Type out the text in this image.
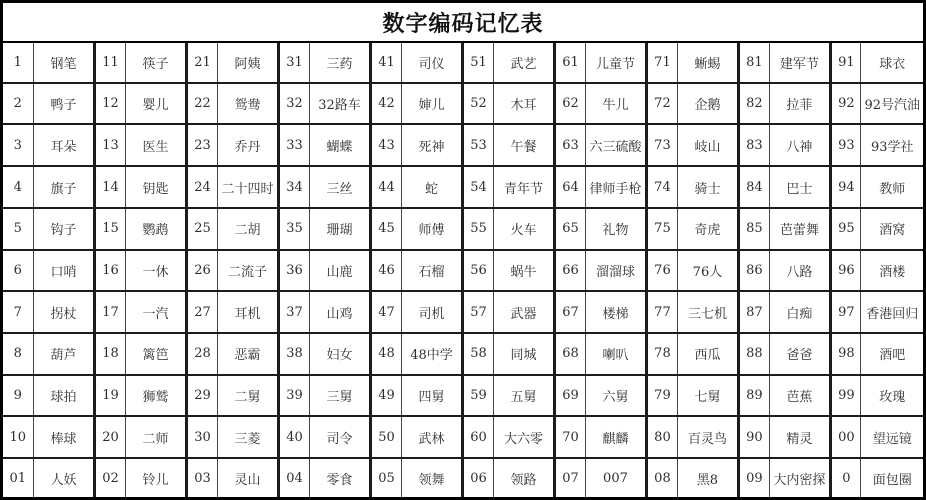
数字编码记忆表
1	钢笔	11	筷子	21	阿姨	31	三药	41	司仪	51	武艺	61	儿童节	71	蜥蜴	81	建军节	91	球衣
2	鸭子	12	婴儿	22	鸳鸯	32	32路车	42	婶儿	52	木耳	62	牛儿	72	企鹅	82	拉菲	92	92号汽油
3	耳朵	13	医生	23	乔丹	33	蝴蝶	43	死神	53	午餐	63	六三硫酸	73	岐山	83	八神	93	93学社
4	旗子	14	钥匙	24	二十四时	34	三丝	44	蛇	54	青年节	64	律师手枪	74	骑士	84	巴士	94	教师
5	钩子	15	鹦鹉	25	二胡	35	珊瑚	45	师傅	55	火车	65	礼物	75	奇虎	85	芭蕾舞	95	酒窝
6	口哨	16	一休	26	二流子	36	山鹿	46	石榴	56	蜗牛	66	溜溜球	76	76人	86	八路	96	酒楼
7	拐杖	17	一汽	27	耳机	37	山鸡	47	司机	57	武器	67	楼梯	77	三七机	87	白痴	97	香港回归
8	葫芦	18	篱笆	28	恶霸	38	妇女	48	48中学	58	同城	68	喇叭	78	西瓜	88	爸爸	98	酒吧
9	球拍	19	狮鹫	29	二舅	39	三舅	49	四舅	59	五舅	69	六舅	79	七舅	89	芭蕉	99	玫瑰
10	棒球	20	二师	30	三菱	40	司令	50	武林	60	大六零	70	麒麟	80	百灵鸟	90	精灵	00	望远镜
01	人妖	02	铃儿	03	灵山	04	零食	05	领舞	06	领路	07	007	08	黑8	09	大内密探	0	面包圈
